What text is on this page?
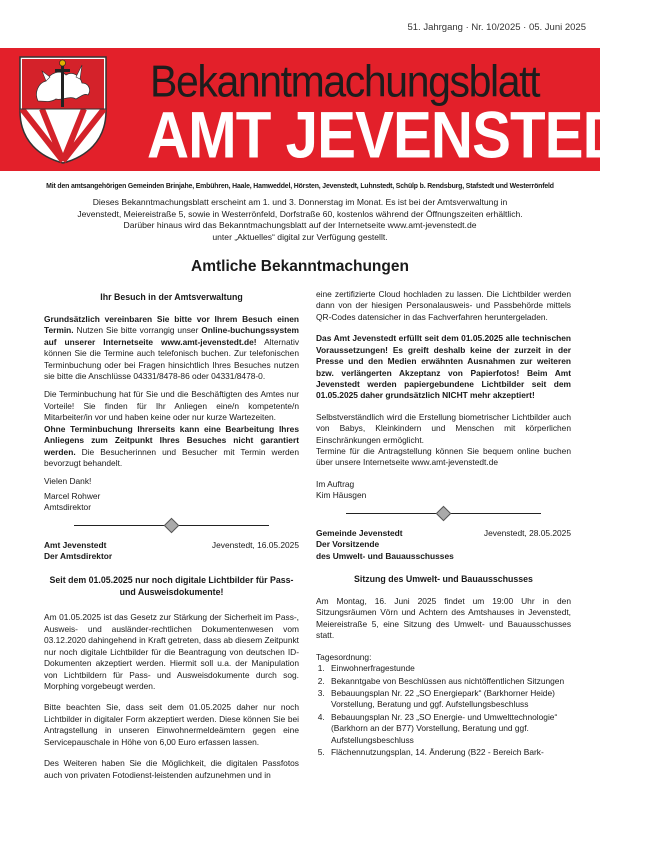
51. Jahrgang · Nr. 10/2025 · 05. Juni 2025
Bekanntmachungsblatt
AMT JEVENSTEDT
Mit den amtsangehörigen Gemeinden Brinjahe, Embühren, Haale, Hamweddel, Hörsten, Jevenstedt, Luhnstedt, Schülp b. Rendsburg, Stafstedt und Westerrönfeld
Dieses Bekanntmachungsblatt erscheint am 1. und 3. Donnerstag im Monat. Es ist bei der Amtsverwaltung in
Jevenstedt, Meiereistraße 5, sowie in Westerrönfeld, Dorfstraße 60, kostenlos während der Öffnungszeiten erhältlich.
Darüber hinaus wird das Bekanntmachungsblatt auf der Internetseite www.amt-jevenstedt.de
unter „Aktuelles“ digital zur Verfügung gestellt.
Amtliche Bekanntmachungen
Ihr Besuch in der Amtsverwaltung

Grundsätzlich vereinbaren Sie bitte vor Ihrem Besuch einen Termin. Nutzen Sie bitte vorrangig unser Online-buchungssystem auf unserer Internetseite www.amt-jevenstedt.de! Alternativ können Sie die Termine auch telefonisch buchen. Zur telefonischen Terminbuchung oder bei Fragen hinsichtlich Ihres Besuches nutzen sie bitte die Anschlüsse 04331/8478-86 oder 04331/8478-0.

Die Terminbuchung hat für Sie und die Beschäftigten des Amtes nur Vorteile! Sie finden für Ihr Anliegen eine/n kompetente/n Mitarbeiter/in vor und haben keine oder nur kurze Wartezeiten.

Ohne Terminbuchung Ihrerseits kann eine Bearbeitung Ihres Anliegens zum Zeitpunkt Ihres Besuches nicht garantiert werden. Die Besucherinnen und Besucher mit Termin werden bevorzugt behandelt.

Vielen Dank!
Marcel Rohwer
Amtsdirektor
Amt Jevenstedt
Der Amtsdirektor
Jevenstedt, 16.05.2025
Seit dem 01.05.2025 nur noch digitale Lichtbilder für Pass- und Ausweisdokumente!

Am 01.05.2025 ist das Gesetz zur Stärkung der Sicherheit im Pass-, Ausweis- und ausländer-rechtlichen Dokumentenwesen vom 03.12.2020 dahingehend in Kraft getreten, dass ab diesem Zeitpunkt nur noch digitale Lichtbilder für die Beantragung von deutschen ID-Dokumenten akzeptiert werden. Hiermit soll u.a. der Manipulation von Lichtbildern für Pass- und Ausweisdokumente durch sog. Morphing vorgebeugt werden.

Bitte beachten Sie, dass seit dem 01.05.2025 daher nur noch Lichtbilder in digitaler Form akzeptiert werden. Diese können Sie bei Antragstellung in unseren Einwohnermeldeämtern gegen eine Servicepauschale in Höhe von 6,00 Euro erfassen lassen.

Des Weiteren haben Sie die Möglichkeit, die digitalen Passfotos auch von privaten Fotodienst-leistenden aufzunehmen und in

eine zertifizierte Cloud hochladen zu lassen. Die Lichtbilder werden dann von der hiesigen Personalausweis- und Passbehörde mittels QR-Codes datensicher in das Fachverfahren heruntergeladen.

Das Amt Jevenstedt erfüllt seit dem 01.05.2025 alle technischen Voraussetzungen! Es greift deshalb keine der zurzeit in der Presse und den Medien erwähnten Ausnahmen zur weiteren bzw. verlängerten Akzeptanz von Papierfotos! Beim Amt Jevenstedt werden papiergebundene Lichtbilder seit dem 01.05.2025 daher grundsätzlich NICHT mehr akzeptiert!

Selbstverständlich wird die Erstellung biometrischer Lichtbilder auch von Babys, Kleinkindern und Menschen mit körperlichen Einschränkungen ermöglicht.

Termine für die Antragstellung können Sie bequem online buchen über unsere Internetseite www.amt-jevenstedt.de

Im Auftrag
Kim Häusgen
Gemeinde Jevenstedt
Der Vorsitzende
des Umwelt- und Bauausschusses
Jevenstedt, 28.05.2025
Sitzung des Umwelt- und Bauausschusses

Am Montag, 16. Juni 2025 findet um 19:00 Uhr in den Sitzungsräumen Vörn und Achtern des Amtshauses in Jevenstedt, Meiereistraße 5, eine Sitzung des Umwelt- und Bauausschusses statt.

Tagesordnung:
1. Einwohnerfragestunde
2. Bekanntgabe von Beschlüssen aus nichtöffentlichen Sitzungen
3. Bebauungsplan Nr. 22 „SO Energiepark“ (Barkhorner Heide) Vorstellung, Beratung und ggf. Aufstellungsbeschluss
4. Bebauungsplan Nr. 23 „SO Energie- und Umwelttechnologie“ (Barkhorn an der B77) Vorstellung, Beratung und ggf. Aufstellungsbeschluss
5. Flächennutzungsplan, 14. Änderung (B22 - Bereich Bark-
